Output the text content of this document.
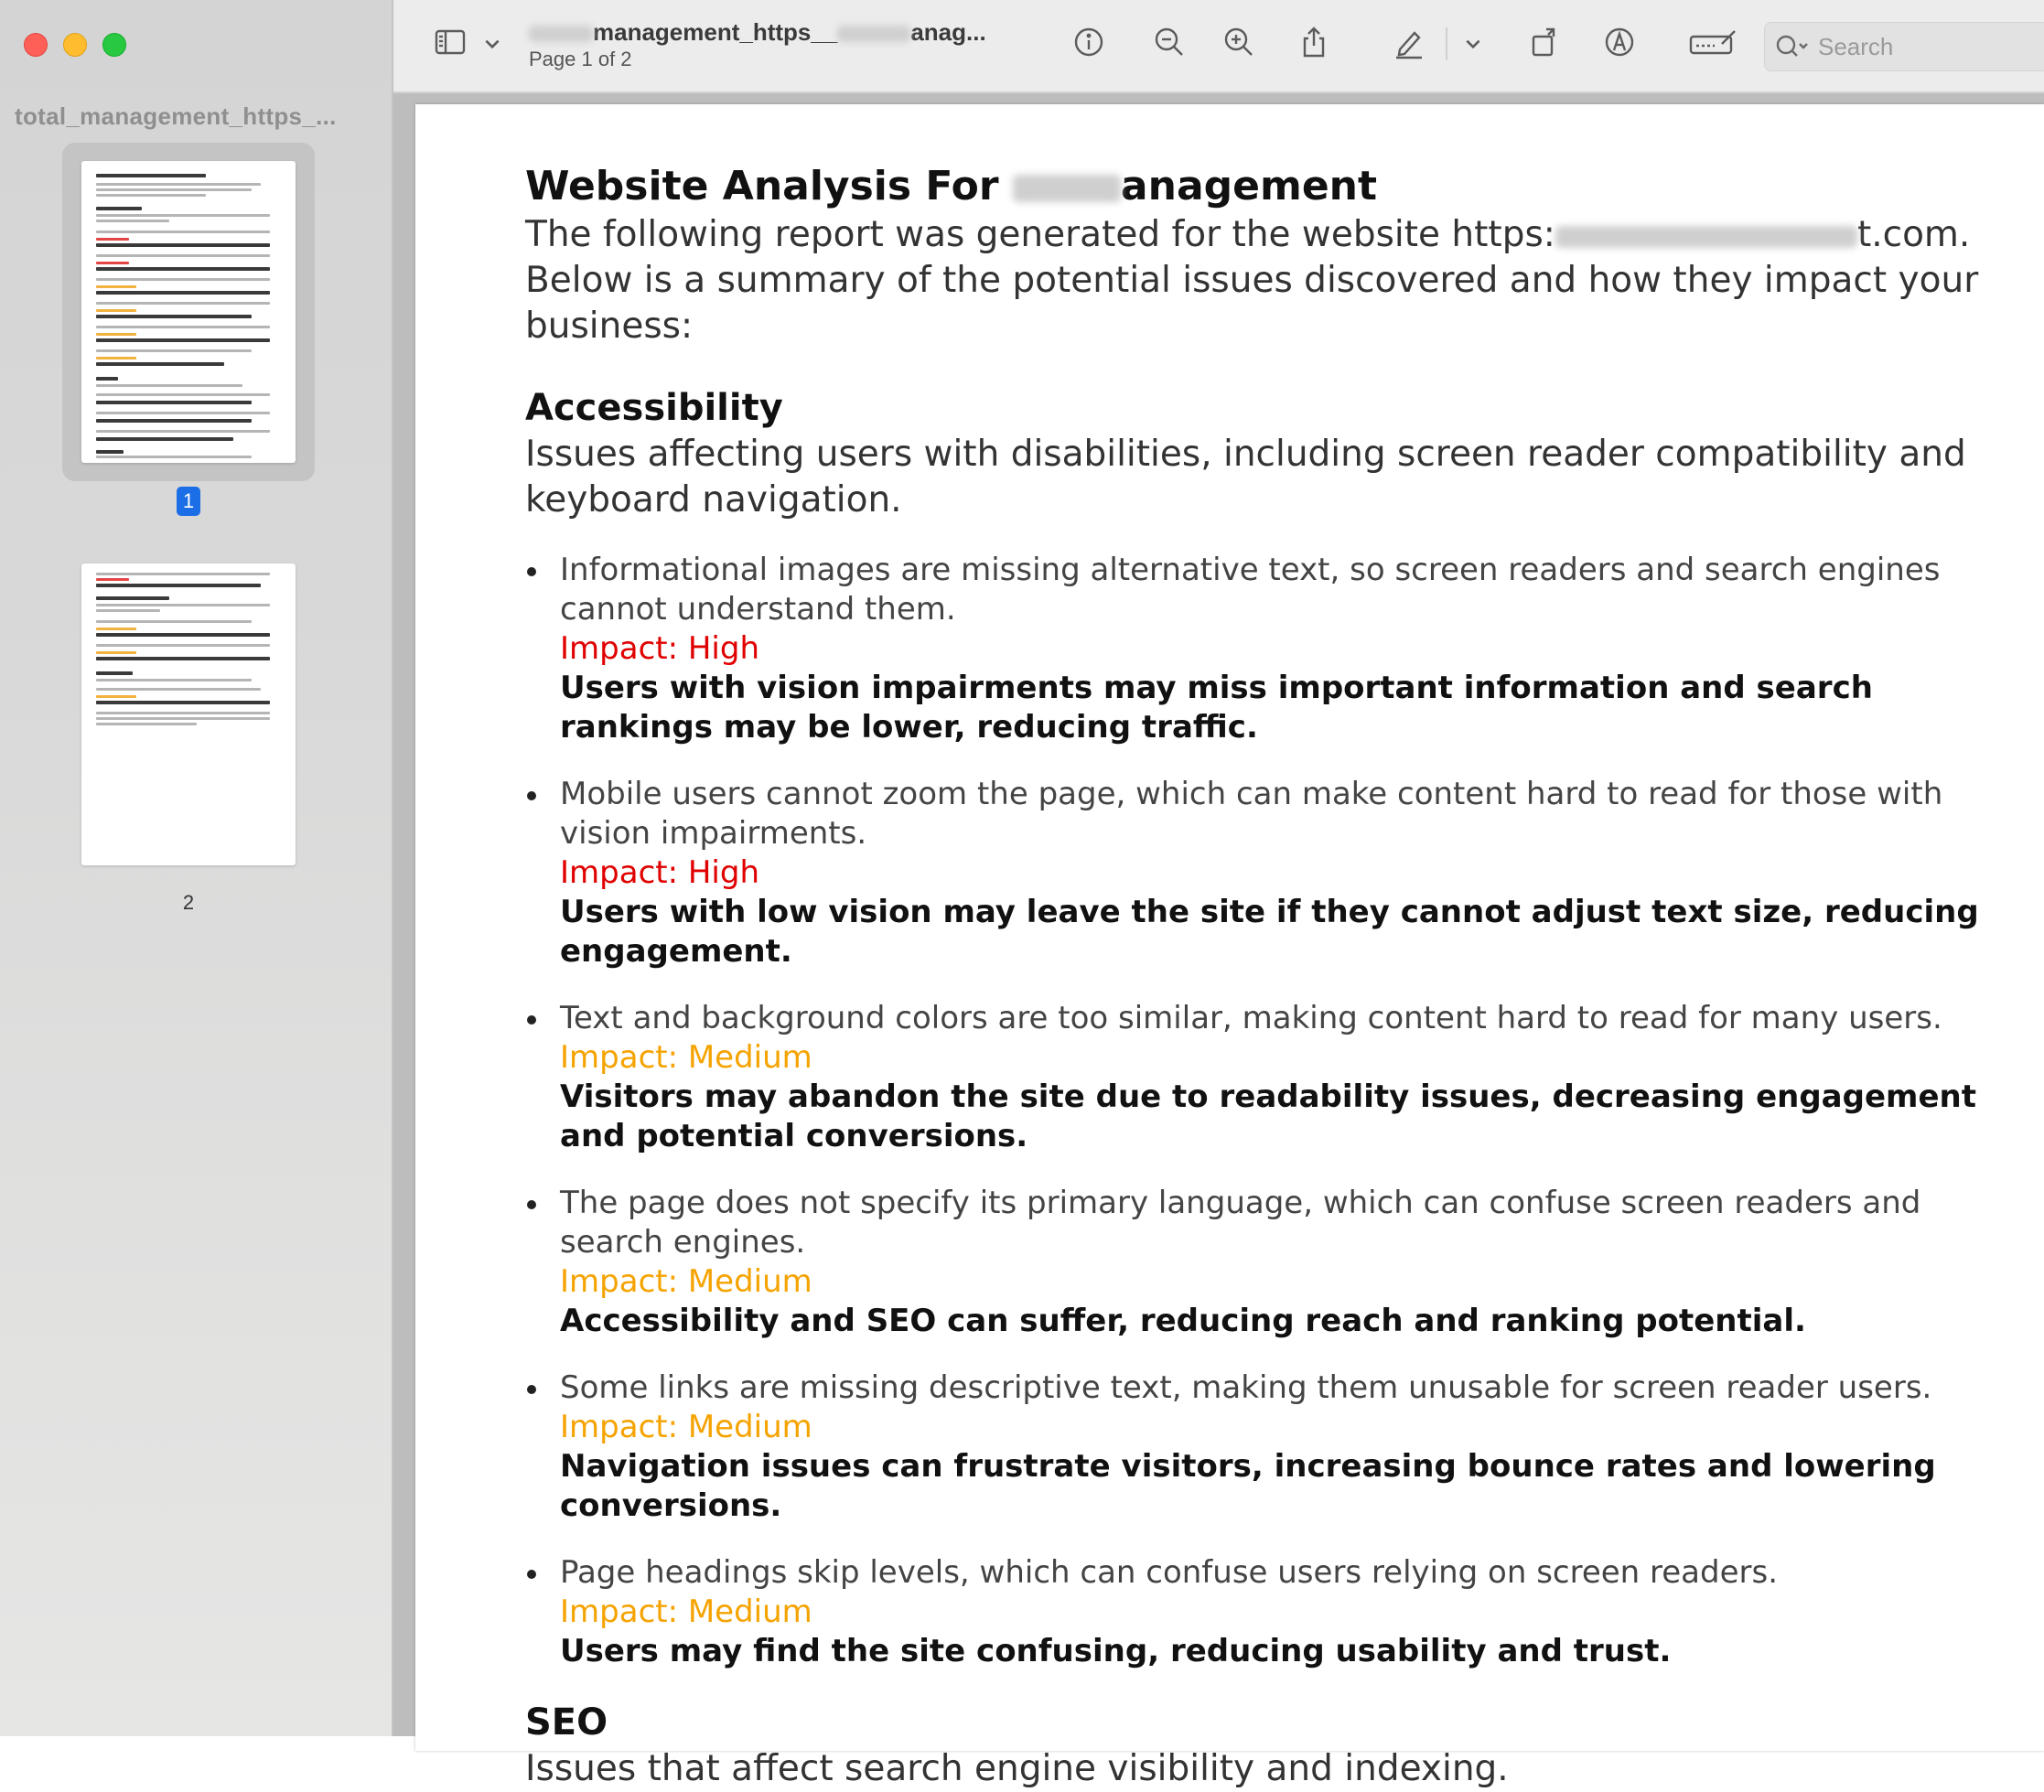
total_management_https_...
1
2
management_https__	anag...
Page 1 of 2
Search
Website Analysis For	anagement

The following report was generated for the website https:	t.com. Below is a summary of the potential issues discovered and how they impact your business:

Accessibility

Issues affecting users with disabilities, including screen reader compatibility and keyboard navigation.

Informational images are missing alternative text, so screen readers and search engines cannot understand them.
Impact: High
Users with vision impairments may miss important information and search rankings may be lower, reducing traffic.
Mobile users cannot zoom the page, which can make content hard to read for those with vision impairments.
Impact: High
Users with low vision may leave the site if they cannot adjust text size, reducing engagement.
Text and background colors are too similar, making content hard to read for many users.
Impact: Medium
Visitors may abandon the site due to readability issues, decreasing engagement and potential conversions.
The page does not specify its primary language, which can confuse screen readers and search engines.
Impact: Medium
Accessibility and SEO can suffer, reducing reach and ranking potential.
Some links are missing descriptive text, making them unusable for screen reader users.
Impact: Medium
Navigation issues can frustrate visitors, increasing bounce rates and lowering conversions.
Page headings skip levels, which can confuse users relying on screen readers.
Impact: Medium
Users may find the site confusing, reducing usability and trust.
SEO

Issues that affect search engine visibility and indexing.
